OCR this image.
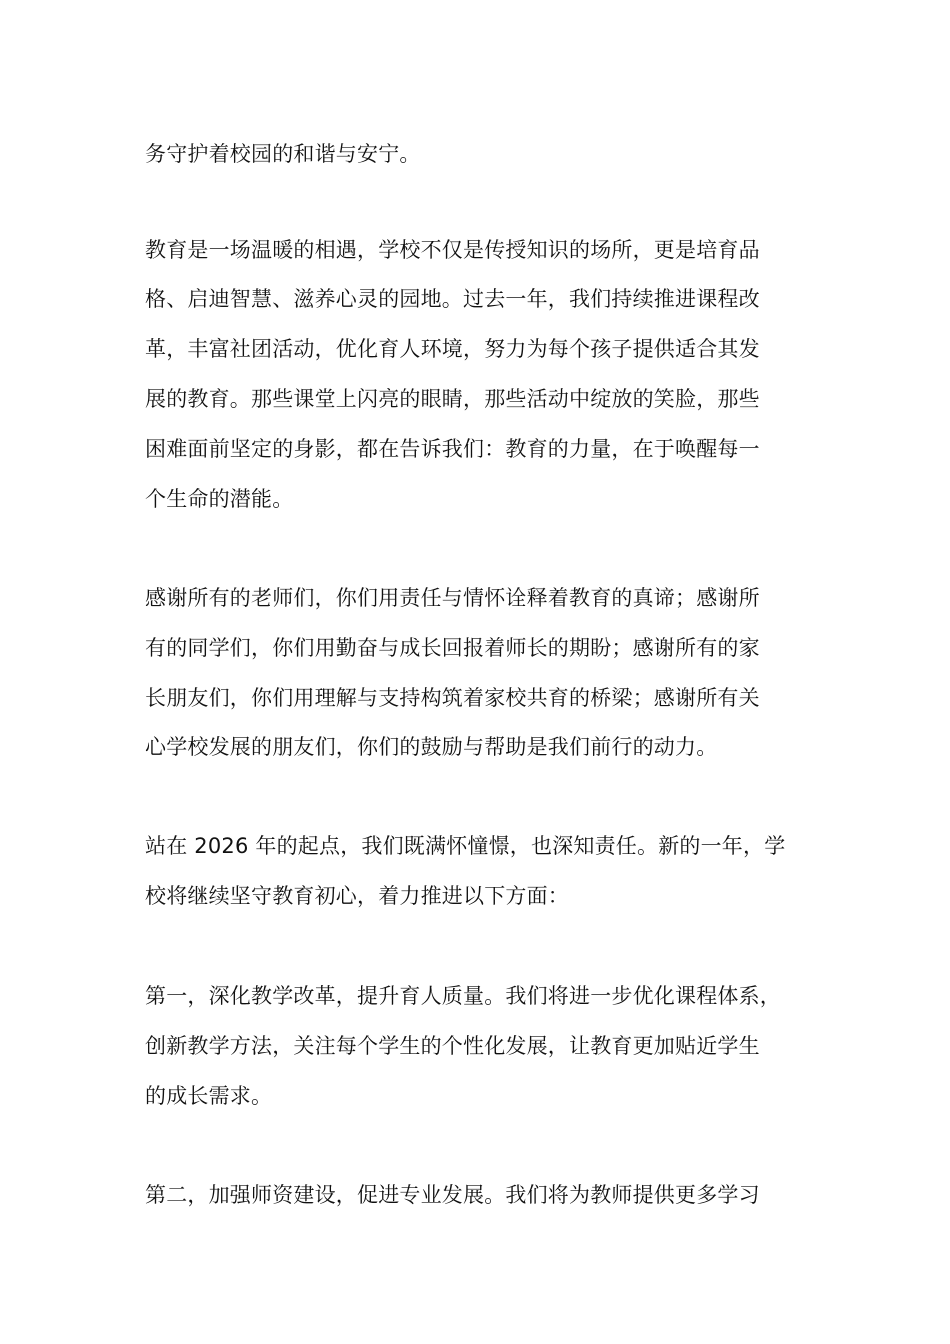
务守护着校园的和谐与安宁。
教育是一场温暖的相遇，学校不仅是传授知识的场所，更是培育品
格、启迪智慧、滋养心灵的园地。过去一年，我们持续推进课程改
革，丰富社团活动，优化育人环境，努力为每个孩子提供适合其发
展的教育。那些课堂上闪亮的眼睛，那些活动中绽放的笑脸，那些
困难面前坚定的身影，都在告诉我们：教育的力量，在于唤醒每一
个生命的潜能。
感谢所有的老师们，你们用责任与情怀诠释着教育的真谛；感谢所
有的同学们，你们用勤奋与成长回报着师长的期盼；感谢所有的家
长朋友们，你们用理解与支持构筑着家校共育的桥梁；感谢所有关
心学校发展的朋友们，你们的鼓励与帮助是我们前行的动力。
站在 2026 年的起点，我们既满怀憧憬，也深知责任。新的一年，学
校将继续坚守教育初心，着力推进以下方面：
第一，深化教学改革，提升育人质量。我们将进一步优化课程体系，
创新教学方法，关注每个学生的个性化发展，让教育更加贴近学生
的成长需求。
第二，加强师资建设，促进专业发展。我们将为教师提供更多学习
